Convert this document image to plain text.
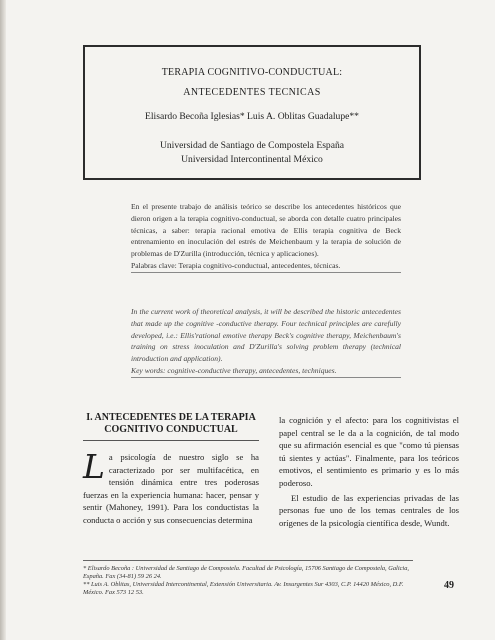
TERAPIA COGNITIVO-CONDUCTUAL:
ANTECEDENTES TECNICAS
Elisardo Becoña Iglesias* Luis A. Oblitas Guadalupe**
Universidad de Santiago de Compostela España
Universidad Intercontinental México

En el presente trabajo de análisis teórico se describe los antecedentes históricos que dieron origen a la terapia cognitivo-conductual, se aborda con detalle cuatro principales técnicas, a saber: terapia racional emotiva de Ellis terapia cognitiva de Beck entrenamiento en inoculación del estrés de Meichenbaum y la terapia de solución de problemas de D'Zurilla (introducción, técnica y aplicaciones).

Palabras clave: Terapia cognitivo-conductual, antecedentes, técnicas.

In the current work of theoretical analysis, it will be described the historic antecedentes that made up the cognitive -conductive therapy. Four technical principles are carefully developed, i.e.: Ellis'rational emotive therapy Beck's cognitive therapy, Meichenbaum's training on stress inoculation and D'Zurilla's solving problem therapy (technical introduction and application).

Key words: cognitive-conductive therapy, antecedentes, techniques.

I. ANTECEDENTES DE LA TERAPIA COGNITIVO CONDUCTUAL

L a psicología de nuestro siglo se ha caracterizado por ser multifacética, en tensión dinámica entre tres poderosas fuerzas en la experiencia humana: hacer, pensar y sentir (Mahoney, 1991). Para los conductistas la conducta o acción y sus consecuencias determina

la cognición y el afecto: para los cognitivistas el papel central se le da a la cognición, de tal modo que su afirmación esencial es que "como tú piensas tú sientes y actúas". Finalmente, para los teóricos emotivos, el sentimiento es primario y es lo más poderoso.

El estudio de las experiencias privadas de las personas fue uno de los temas centrales de los orígenes de la psicología científica desde, Wundt.

* Elisardo Becoña : Universidad de Santiago de Compostela. Facultad de Psicología, 15706 Santiago de Compostela, Galicia, España. Fax (34-81) 59 26 24.

** Luis A. Oblitas, Universidad Intercontinental, Extensión Universitaria. Av. Insurgentes Sur 4303, C.P. 14420 México, D.F. México. Fax 573 12 53.

49
